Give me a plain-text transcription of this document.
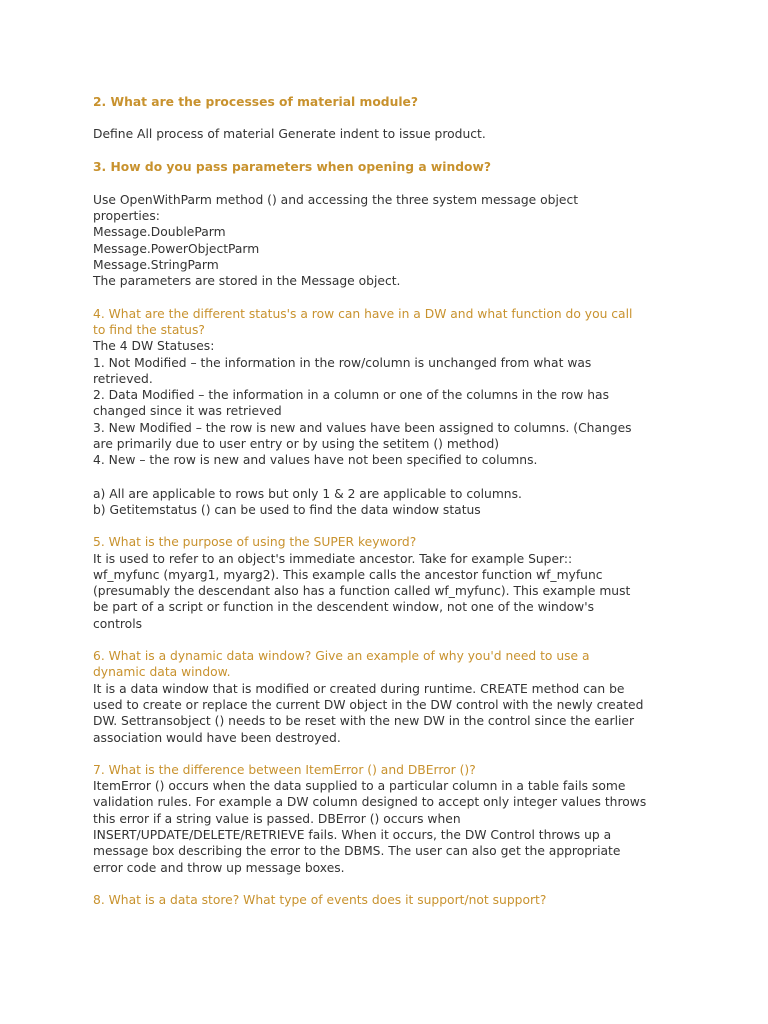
2. What are the processes of material module?

Define All process of material Generate indent to issue product.

3. How do you pass parameters when opening a window?

Use OpenWithParm method () and accessing the three system message object

properties:

Message.DoubleParm

Message.PowerObjectParm

Message.StringParm

The parameters are stored in the Message object.

4. What are the different status's a row can have in a DW and what function do you call

to find the status?

The 4 DW Statuses:

1. Not Modified – the information in the row/column is unchanged from what was

retrieved.

2. Data Modified – the information in a column or one of the columns in the row has

changed since it was retrieved

3. New Modified – the row is new and values have been assigned to columns. (Changes

are primarily due to user entry or by using the setitem () method)

4. New – the row is new and values have not been specified to columns.

a) All are applicable to rows but only 1 & 2 are applicable to columns.

b) Getitemstatus () can be used to find the data window status

5. What is the purpose of using the SUPER keyword?

It is used to refer to an object's immediate ancestor. Take for example Super::

wf_myfunc (myarg1, myarg2). This example calls the ancestor function wf_myfunc

(presumably the descendant also has a function called wf_myfunc). This example must

be part of a script or function in the descendent window, not one of the window's

controls

6. What is a dynamic data window? Give an example of why you'd need to use a

dynamic data window.

It is a data window that is modified or created during runtime. CREATE method can be

used to create or replace the current DW object in the DW control with the newly created

DW. Settransobject () needs to be reset with the new DW in the control since the earlier

association would have been destroyed.

7. What is the difference between ItemError () and DBError ()?

ItemError () occurs when the data supplied to a particular column in a table fails some

validation rules. For example a DW column designed to accept only integer values throws

this error if a string value is passed. DBError () occurs when

INSERT/UPDATE/DELETE/RETRIEVE fails. When it occurs, the DW Control throws up a

message box describing the error to the DBMS. The user can also get the appropriate

error code and throw up message boxes.

8. What is a data store? What type of events does it support/not support?
